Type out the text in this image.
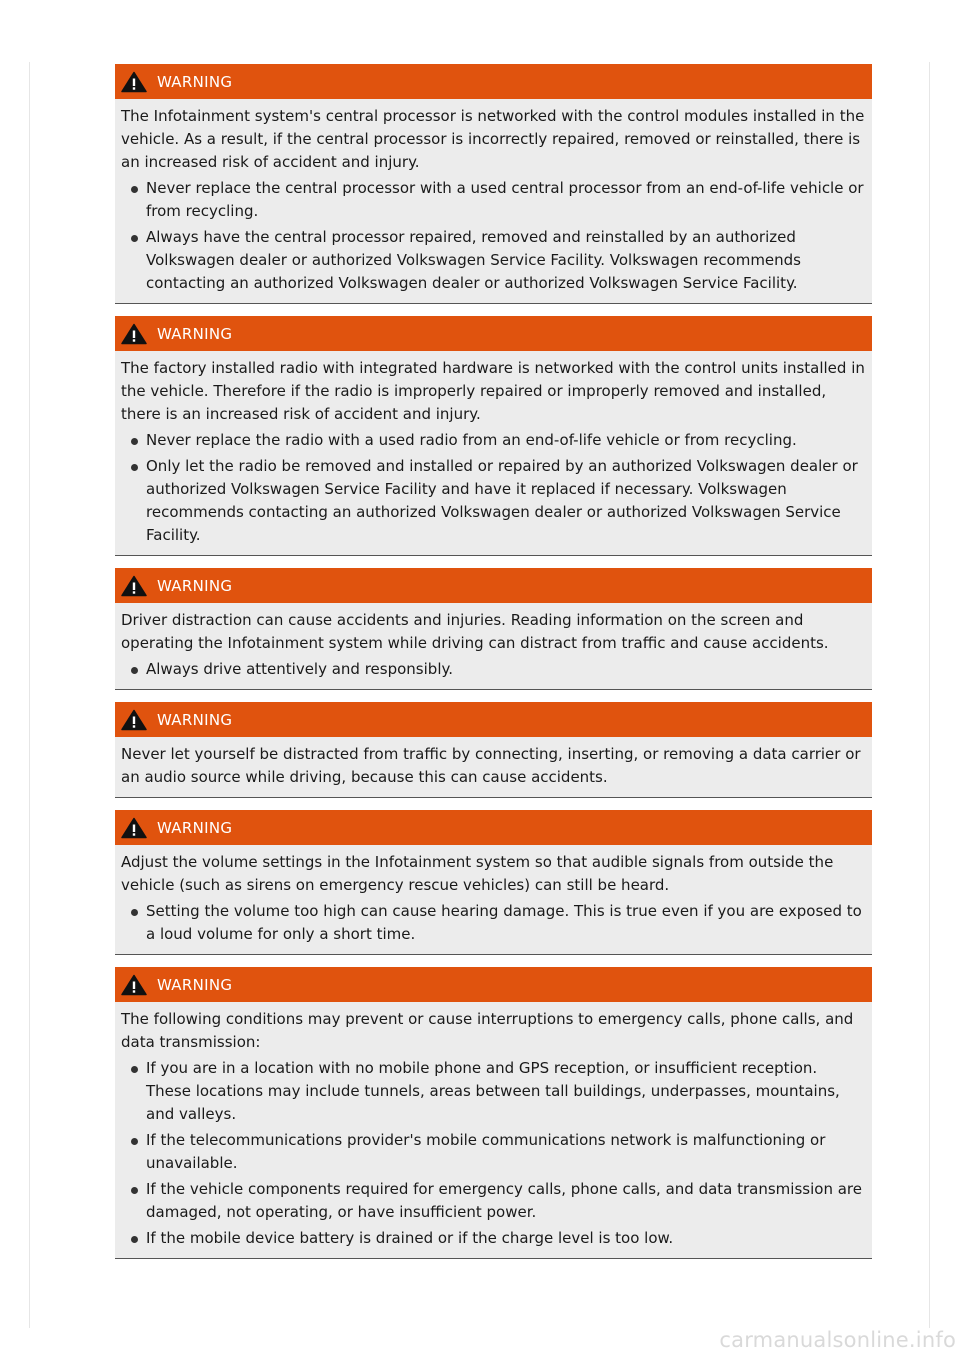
WARNING

The Infotainment system's central processor is networked with the control modules installed in the vehicle. As a result, if the central processor is incorrectly repaired, removed or reinstalled, there is an increased risk of accident and injury.

Never replace the central processor with a used central processor from an end-of-life vehicle or from recycling.
Always have the central processor repaired, removed and reinstalled by an authorized Volkswagen dealer or authorized Volkswagen Service Facility. Volkswagen recommends contacting an authorized Volkswagen dealer or authorized Volkswagen Service Facility.
WARNING

The factory installed radio with integrated hardware is networked with the control units installed in the vehicle. Therefore if the radio is improperly repaired or improperly removed and installed, there is an increased risk of accident and injury.

Never replace the radio with a used radio from an end-of-life vehicle or from recycling.
Only let the radio be removed and installed or repaired by an authorized Volkswagen dealer or authorized Volkswagen Service Facility and have it replaced if necessary. Volkswagen recommends contacting an authorized Volkswagen dealer or authorized Volkswagen Service Facility.
WARNING

Driver distraction can cause accidents and injuries. Reading information on the screen and operating the Infotainment system while driving can distract from traffic and cause accidents.

Always drive attentively and responsibly.
WARNING

Never let yourself be distracted from traffic by connecting, inserting, or removing a data carrier or an audio source while driving, because this can cause accidents.

WARNING

Adjust the volume settings in the Infotainment system so that audible signals from outside the vehicle (such as sirens on emergency rescue vehicles) can still be heard.

Setting the volume too high can cause hearing damage. This is true even if you are exposed to a loud volume for only a short time.
WARNING

The following conditions may prevent or cause interruptions to emergency calls, phone calls, and data transmission:

If you are in a location with no mobile phone and GPS reception, or insufficient reception. These locations may include tunnels, areas between tall buildings, underpasses, mountains, and valleys.
If the telecommunications provider's mobile communications network is malfunctioning or unavailable.
If the vehicle components required for emergency calls, phone calls, and data transmission are damaged, not operating, or have insufficient power.
If the mobile device battery is drained or if the charge level is too low.
carmanualsonline.info
